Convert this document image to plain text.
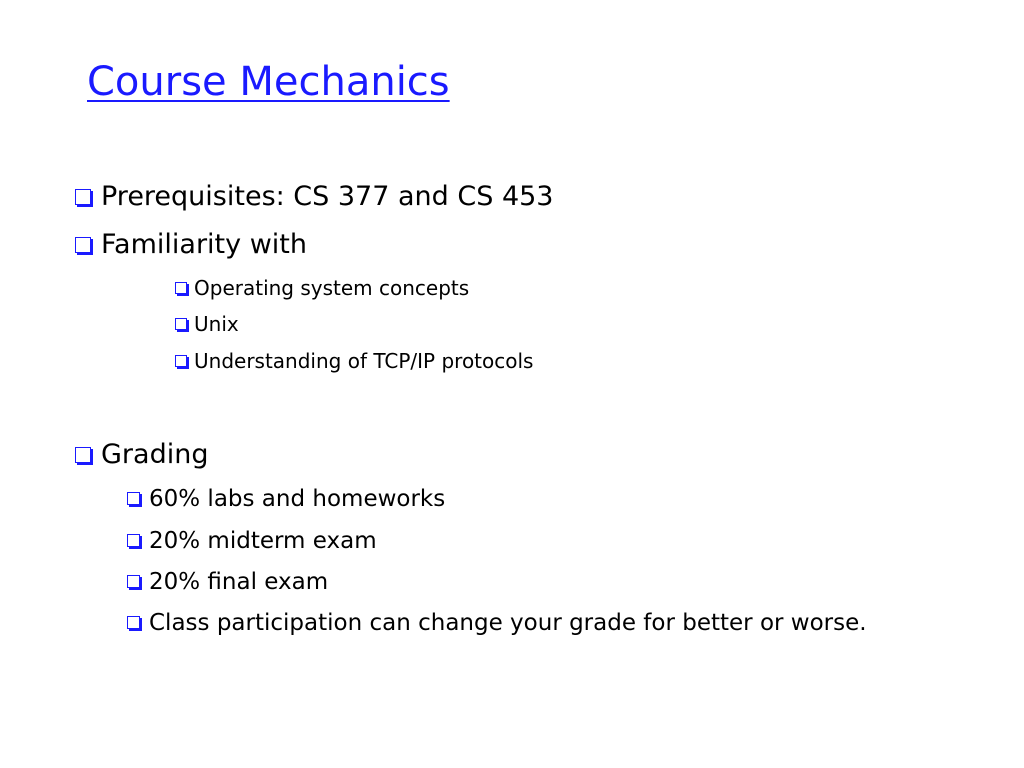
Course Mechanics
Prerequisites: CS 377 and CS 453
Familiarity with
Operating system concepts
Unix
Understanding of TCP/IP protocols
Grading
60% labs and homeworks
20% midterm exam
20% final exam
Class participation can change your grade for better or worse.
